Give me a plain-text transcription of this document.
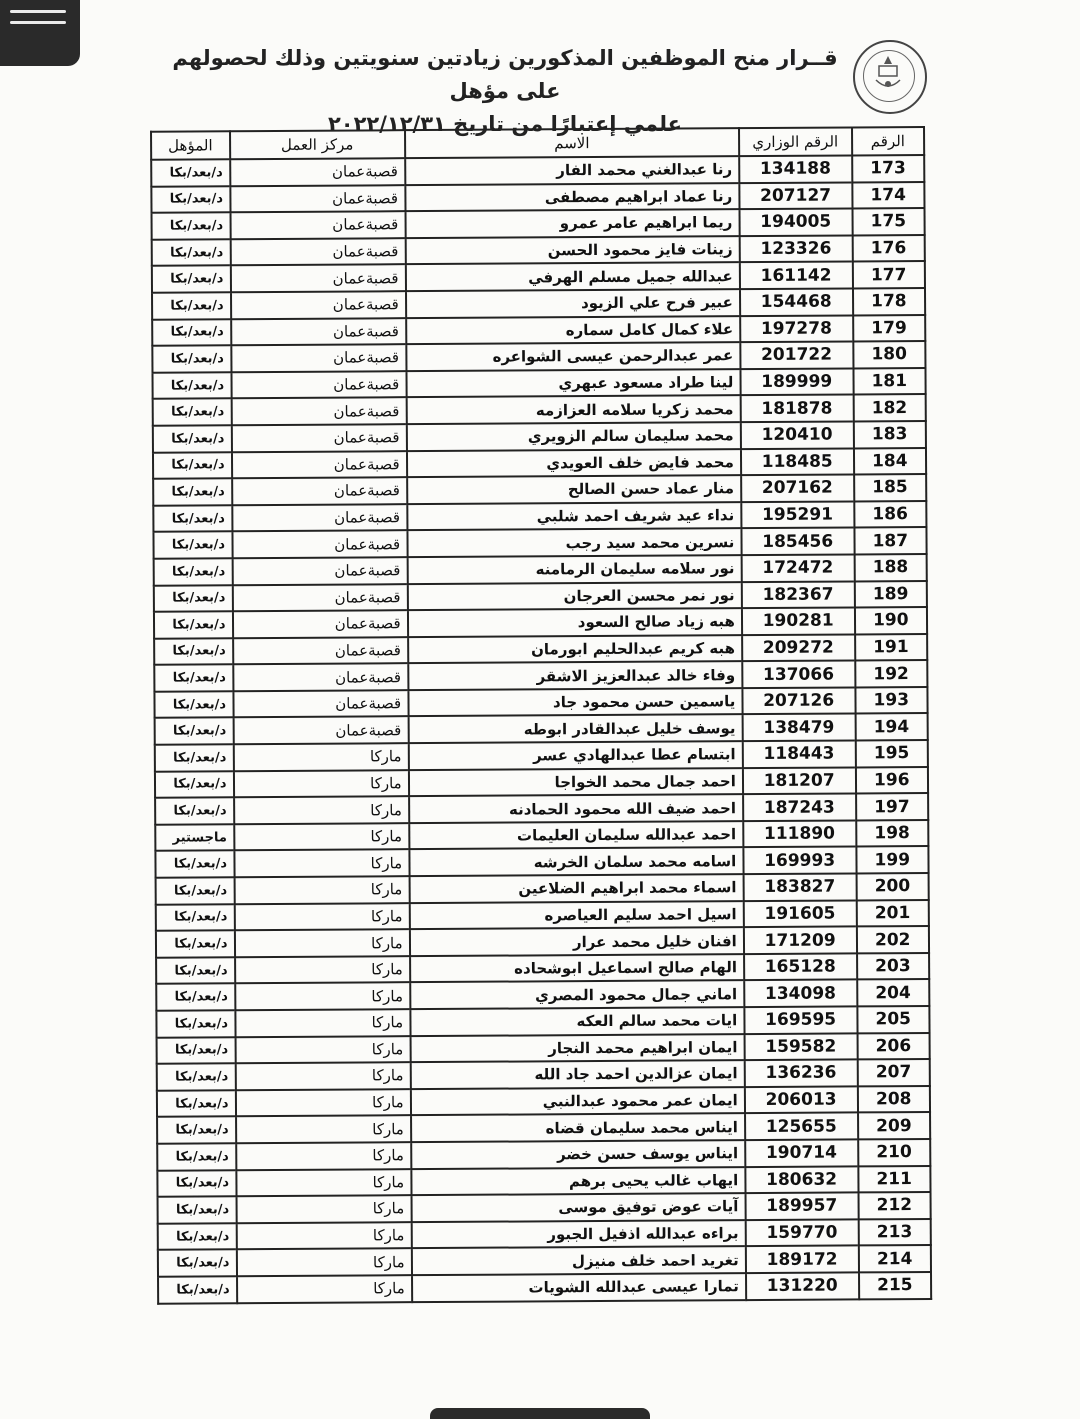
قــرار منح الموظفين المذكورين زيادتين سنويتين وذلك لحصولهم على مؤهل
علمي إعتبارًا من تاريخ ٢٠٢٢/١٢/٣١
الرقم	الرقم الوزاري	الاسم	مركز العمل	المؤهل
173	134188	رنا عبدالغني محمد الفار	قصبةعمان	د/بعد/بكا
174	207127	رنا عماد ابراهيم مصطفى	قصبةعمان	د/بعد/بكا
175	194005	ريما ابراهيم عامر عمرو	قصبةعمان	د/بعد/بكا
176	123326	زينات فايز محمود الحسن	قصبةعمان	د/بعد/بكا
177	161142	عبدالله جميل مسلم الهرفي	قصبةعمان	د/بعد/بكا
178	154468	عبير فرح علي الزيود	قصبةعمان	د/بعد/بكا
179	197278	علاء كمال كامل سماره	قصبةعمان	د/بعد/بكا
180	201722	عمر عبدالرحمن عيسى الشواعره	قصبةعمان	د/بعد/بكا
181	189999	لينا طراد مسعود عبهري	قصبةعمان	د/بعد/بكا
182	181878	محمد زكريا سلامه العزازمه	قصبةعمان	د/بعد/بكا
183	120410	محمد سليمان سالم الزويري	قصبةعمان	د/بعد/بكا
184	118485	محمد فايض خلف العويدي	قصبةعمان	د/بعد/بكا
185	207162	منار عماد حسن الصالح	قصبةعمان	د/بعد/بكا
186	195291	نداء عيد شريف احمد شلبي	قصبةعمان	د/بعد/بكا
187	185456	نسرين محمد سيد رجب	قصبةعمان	د/بعد/بكا
188	172472	نور سلامه سليمان الرمامنه	قصبةعمان	د/بعد/بكا
189	182367	نور نمر محسن العرجان	قصبةعمان	د/بعد/بكا
190	190281	هبه زياد صالح السعود	قصبةعمان	د/بعد/بكا
191	209272	هبه كريم عبدالحليم ابورمان	قصبةعمان	د/بعد/بكا
192	137066	وفاء خالد عبدالعزيز الاشقر	قصبةعمان	د/بعد/بكا
193	207126	ياسمين حسن محمود جاد	قصبةعمان	د/بعد/بكا
194	138479	يوسف خليل عبدالقادر ابوطه	قصبةعمان	د/بعد/بكا
195	118443	ابتسام عطا عبدالهادي عسر	ماركا	د/بعد/بكا
196	181207	احمد جمال محمد الخواجا	ماركا	د/بعد/بكا
197	187243	احمد ضيف الله محمود الحمادنه	ماركا	د/بعد/بكا
198	111890	احمد عبدالله سليمان العليمات	ماركا	ماجستير
199	169993	اسامه محمد سلمان الخرشه	ماركا	د/بعد/بكا
200	183827	اسماء محمد ابراهيم الضلاعين	ماركا	د/بعد/بكا
201	191605	اسيل احمد سليم العياصره	ماركا	د/بعد/بكا
202	171209	افنان خليل محمد عرار	ماركا	د/بعد/بكا
203	165128	الهام صالح اسماعيل ابوشحاده	ماركا	د/بعد/بكا
204	134098	اماني جمال محمود المصري	ماركا	د/بعد/بكا
205	169595	ايات محمد سالم العكه	ماركا	د/بعد/بكا
206	159582	ايمان ابراهيم محمد النجار	ماركا	د/بعد/بكا
207	136236	ايمان عزالدين احمد جاد الله	ماركا	د/بعد/بكا
208	206013	ايمان عمر محمود عبدالنبي	ماركا	د/بعد/بكا
209	125655	ايناس محمد سليمان قضاه	ماركا	د/بعد/بكا
210	190714	ايناس يوسف حسن خضر	ماركا	د/بعد/بكا
211	180632	ايهاب غالب يحيى برهم	ماركا	د/بعد/بكا
212	189957	آيات عوض توفيق موسى	ماركا	د/بعد/بكا
213	159770	براءه عبدالله اذفيل الجبور	ماركا	د/بعد/بكا
214	189172	تغريد احمد خلف منيزل	ماركا	د/بعد/بكا
215	131220	تمارا عيسى عبدالله الشويات	ماركا	د/بعد/بكا
